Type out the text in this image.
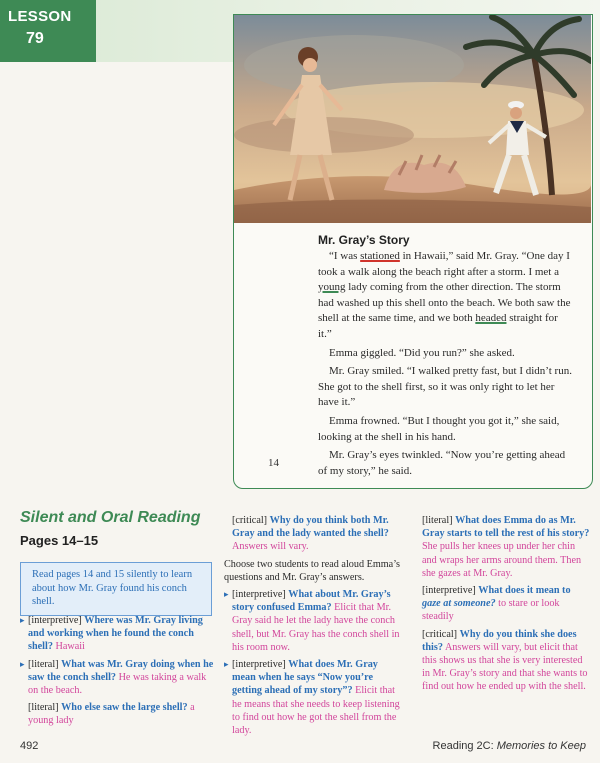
LESSON
79
Mr. Gray’s Story

“I was stationed in Hawaii,” said Mr. Gray. “One day I took a walk along the beach right after a storm. I met a young lady coming from the other direction. The storm had washed up this shell onto the beach. We both saw the shell at the same time, and we both headed straight for it.”

Emma giggled. “Did you run?” she asked.

Mr. Gray smiled. “I walked pretty fast, but I didn’t run. She got to the shell first, so it was only right to let her have it.”

Emma frowned. “But I thought you got it,” she said, looking at the shell in his hand.

Mr. Gray’s eyes twinkled. “Now you’re getting ahead of my story,” he said.

14
Silent and Oral Reading
Pages 14–15
Read pages 14 and 15 silently to learn about how Mr. Gray found his conch shell.
▸ [interpretive] Where was Mr. Gray living and working when he found the conch shell? Hawaii
▸ [literal] What was Mr. Gray doing when he saw the conch shell? He was taking a walk on the beach.
[literal] Who else saw the large shell? a young lady
[critical] Why do you think both Mr. Gray and the lady wanted the shell? Answers will vary.
Choose two students to read aloud Emma’s questions and Mr. Gray’s answers.
▸ [interpretive] What about Mr. Gray’s story confused Emma? Elicit that Mr. Gray said he let the lady have the conch shell, but Mr. Gray has the conch shell in his room now.
▸ [interpretive] What does Mr. Gray mean when he says “Now you’re getting ahead of my story”? Elicit that he means that she needs to keep listening to find out how he got the shell from the lady.
[literal] What does Emma do as Mr. Gray starts to tell the rest of his story? She pulls her knees up under her chin and wraps her arms around them. Then she gazes at Mr. Gray.
[interpretive] What does it mean to gaze at someone? to stare or look steadily
[critical] Why do you think she does this? Answers will vary, but elicit that this shows us that she is very interested in Mr. Gray’s story and that she wants to find out how he ended up with the shell.
492	Reading 2C: Memories to Keep
